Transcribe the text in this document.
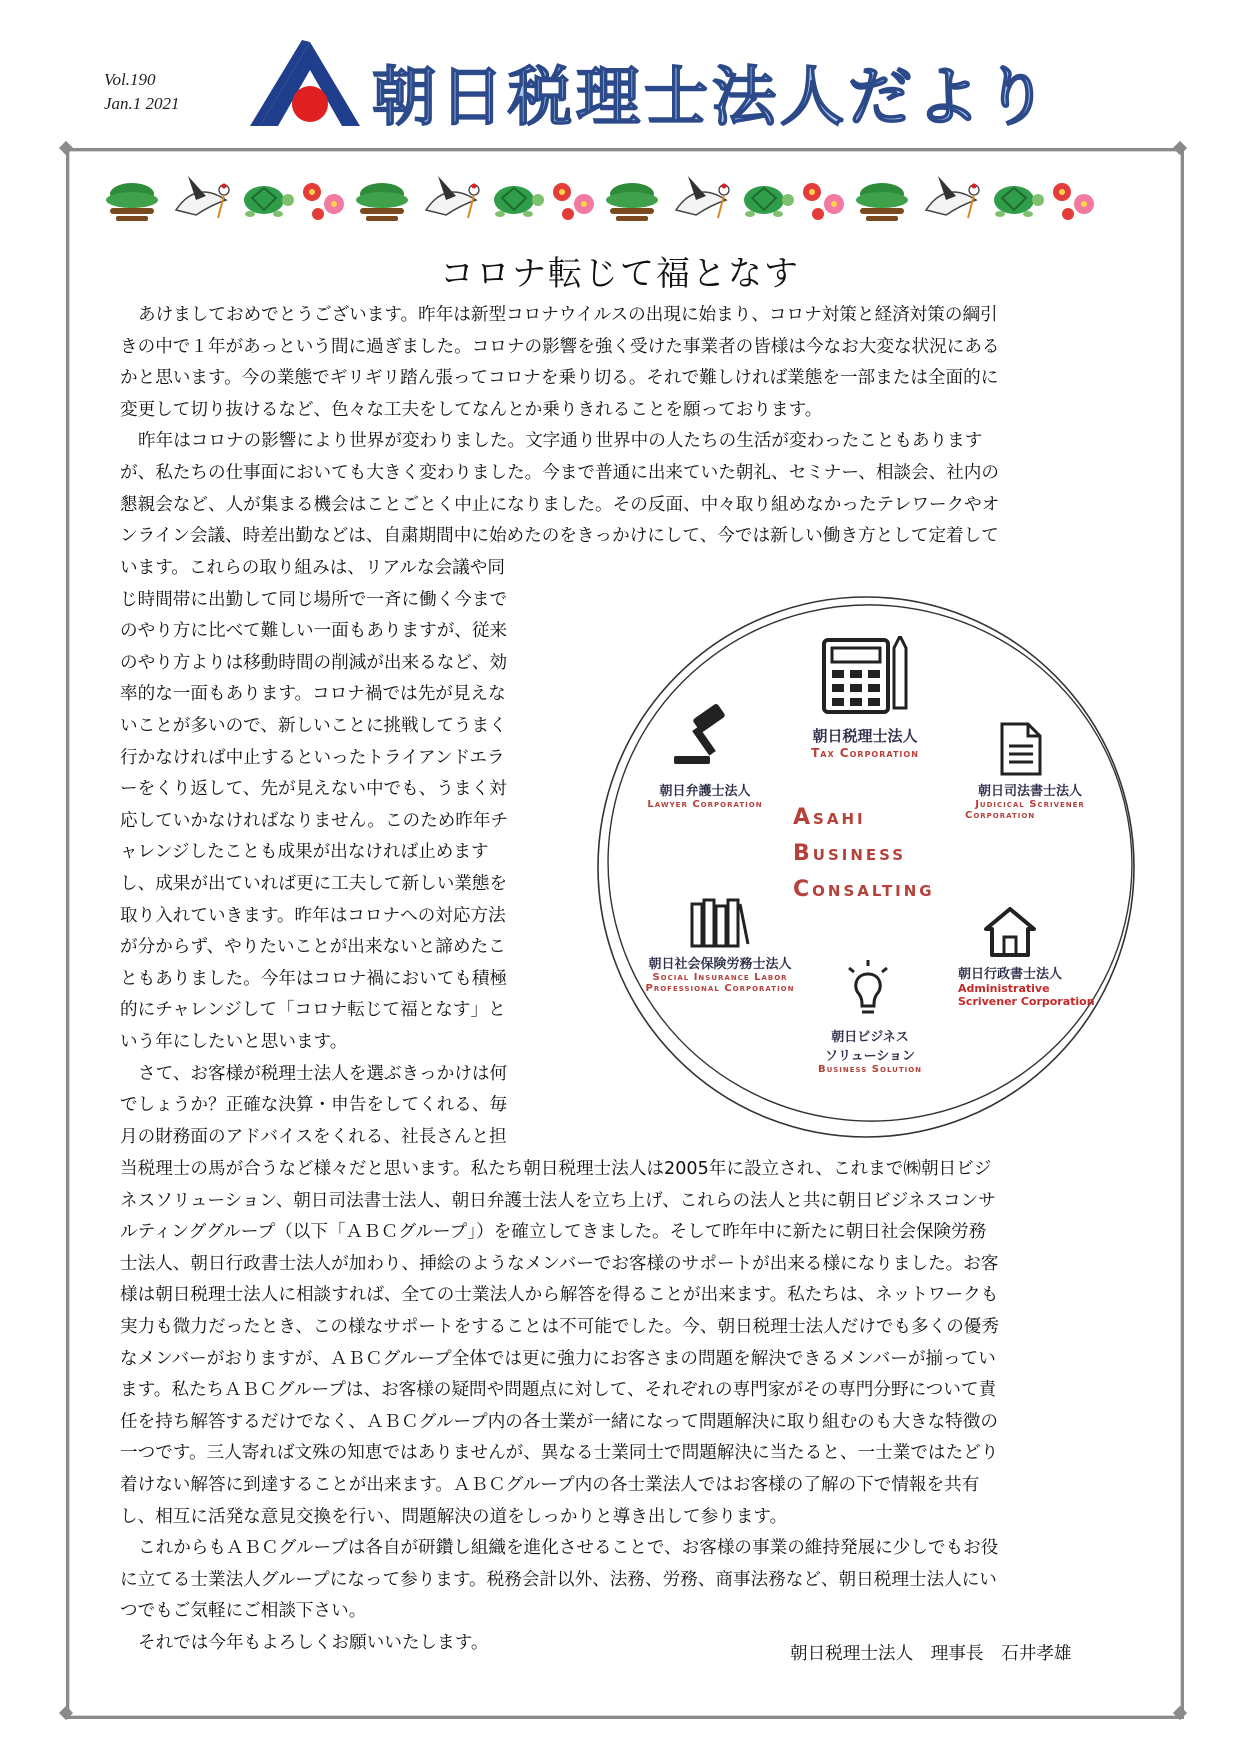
Vol.190
Jan.1 2021	朝日税理士法人だより
コロナ転じて福となす

あけましておめでとうございます。昨年は新型コロナウイルスの出現に始まり、コロナ対策と経済対策の綱引

きの中で１年があっという間に過ぎました。コロナの影響を強く受けた事業者の皆様は今なお大変な状況にある

かと思います。今の業態でギリギリ踏ん張ってコロナを乗り切る。それで難しければ業態を一部または全面的に

変更して切り抜けるなど、色々な工夫をしてなんとか乗りきれることを願っております。

昨年はコロナの影響により世界が変わりました。文字通り世界中の人たちの生活が変わったこともあります

が、私たちの仕事面においても大きく変わりました。今まで普通に出来ていた朝礼、セミナー、相談会、社内の

懇親会など、人が集まる機会はことごとく中止になりました。その反面、中々取り組めなかったテレワークやオ

ンライン会議、時差出勤などは、自粛期間中に始めたのをきっかけにして、今では新しい働き方として定着して

います。これらの取り組みは、リアルな会議や同

じ時間帯に出勤して同じ場所で一斉に働く今まで

のやり方に比べて難しい一面もありますが、従来

のやり方よりは移動時間の削減が出来るなど、効

率的な一面もあります。コロナ禍では先が見えな

いことが多いので、新しいことに挑戦してうまく

行かなければ中止するといったトライアンドエラ

ーをくり返して、先が見えない中でも、うまく対

応していかなければなりません。このため昨年チ

ャレンジしたことも成果が出なければ止めます

し、成果が出ていれば更に工夫して新しい業態を

取り入れていきます。昨年はコロナへの対応方法

が分からず、やりたいことが出来ないと諦めたこ

ともありました。今年はコロナ禍においても積極

的にチャレンジして「コロナ転じて福となす」と

いう年にしたいと思います。

さて、お客様が税理士法人を選ぶきっかけは何

でしょうか？正確な決算・申告をしてくれる、毎

月の財務面のアドバイスをくれる、社長さんと担

当税理士の馬が合うなど様々だと思います。私たち朝日税理士法人は2005年に設立され、これまで㈱朝日ビジ

ネスソリューション、朝日司法書士法人、朝日弁護士法人を立ち上げ、これらの法人と共に朝日ビジネスコンサ

ルティンググループ（以下「ＡＢＣグループ」）を確立してきました。そして昨年中に新たに朝日社会保険労務

士法人、朝日行政書士法人が加わり、挿絵のようなメンバーでお客様のサポートが出来る様になりました。お客

様は朝日税理士法人に相談すれば、全ての士業法人から解答を得ることが出来ます。私たちは、ネットワークも

実力も微力だったとき、この様なサポートをすることは不可能でした。今、朝日税理士法人だけでも多くの優秀

なメンバーがおりますが、ＡＢＣグループ全体では更に強力にお客さまの問題を解決できるメンバーが揃ってい

ます。私たちＡＢＣグループは、お客様の疑問や問題点に対して、それぞれの専門家がその専門分野について責

任を持ち解答するだけでなく、ＡＢＣグループ内の各士業が一緒になって問題解決に取り組むのも大きな特徴の

一つです。三人寄れば文殊の知恵ではありませんが、異なる士業同士で問題解決に当たると、一士業ではたどり

着けない解答に到達することが出来ます。ＡＢＣグループ内の各士業法人ではお客様の了解の下で情報を共有

し、相互に活発な意見交換を行い、問題解決の道をしっかりと導き出して参ります。

これからもＡＢＣグループは各自が研鑽し組織を進化させることで、お客様の事業の維持発展に少しでもお役

に立てる士業法人グループになって参ります。税務会計以外、法務、労務、商事法務など、朝日税理士法人にい

つでもご気軽にご相談下さい。

それでは今年もよろしくお願いいたします。

朝日税理士法人　理事長　石井孝雄
朝日税理士法人
Tax Corporation
朝日弁護士法人
Lawyer Corporation
朝日司法書士法人
Judicical Scrivener
Corporation
Asahi
Business
Consalting
朝日社会保険労務士法人
Social Insurance Labor
Professional Corporation
朝日行政書士法人
Administrative
Scrivener Corporation
朝日ビジネス
ソリューション
Business Solution
